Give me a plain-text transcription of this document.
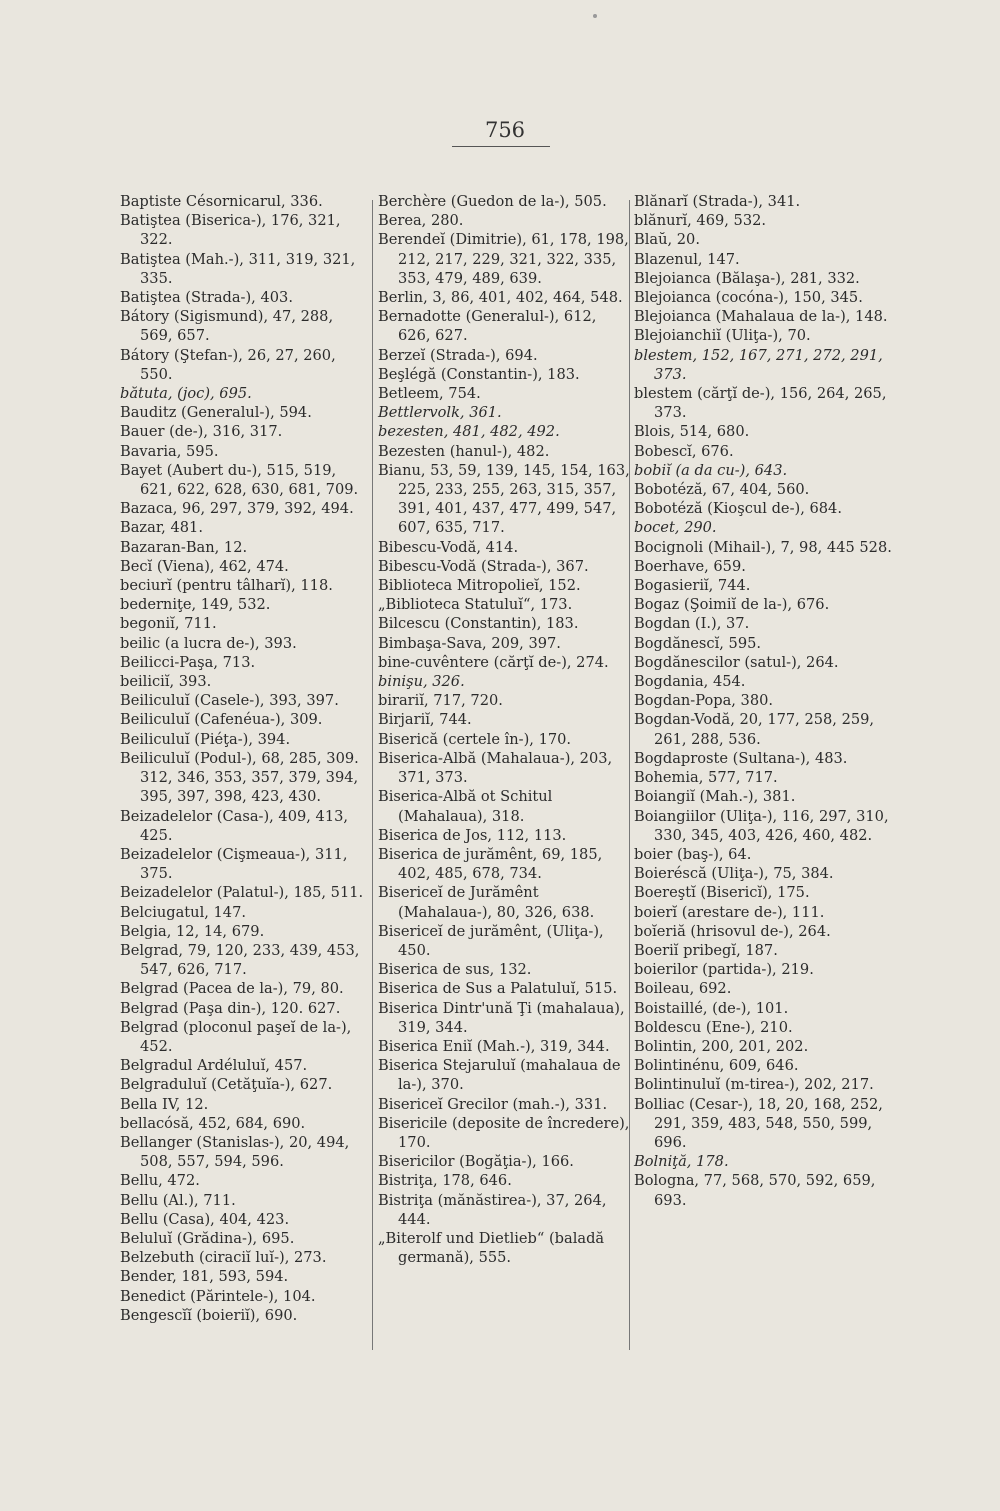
756
Baptiste Césornicarul, 336.
Batiştea (Biserica-), 176, 321, 322.
Batiştea (Mah.-), 311, 319, 321, 335.
Batiştea (Strada-), 403.
Bátory (Sigismund), 47, 288, 569, 657.
Bátory (Ştefan-), 26, 27, 260, 550.
bătuta, (joc), 695.
Bauditz (Generalul-), 594.
Bauer (de-), 316, 317.
Bavaria, 595.
Bayet (Aubert du-), 515, 519, 621, 622, 628, 630, 681, 709.
Bazaca, 96, 297, 379, 392, 494.
Bazar, 481.
Bazaran-Ban, 12.
Becĭ (Viena), 462, 474.
beciurĭ (pentru tâlharĭ), 118.
bederniţe, 149, 532.
begoniĭ, 711.
beilic (a lucra de-), 393.
Beilicci-Paşa, 713.
beiliciĭ, 393.
Beiliculuĭ (Casele-), 393, 397.
Beiliculuĭ (Cafenéua-), 309.
Beiliculuĭ (Piéţa-), 394.
Beiliculuĭ (Podul-), 68, 285, 309. 312, 346, 353, 357, 379, 394, 395, 397, 398, 423, 430.
Beizadelelor (Casa-), 409, 413, 425.
Beizadelelor (Cişmeaua-), 311, 375.
Beizadelelor (Palatul-), 185, 511.
Belciugatul, 147.
Belgia, 12, 14, 679.
Belgrad, 79, 120, 233, 439, 453, 547, 626, 717.
Belgrad (Pacea de la-), 79, 80.
Belgrad (Paşa din-), 120. 627.
Belgrad (ploconul paşeĭ de la-), 452.
Belgradul Ardéluluĭ, 457.
Belgraduluĭ (Cetăţuĭa-), 627.
Bella IV, 12.
bellacósă, 452, 684, 690.
Bellanger (Stanislas-), 20, 494, 508, 557, 594, 596.
Bellu, 472.
Bellu (Al.), 711.
Bellu (Casa), 404, 423.
Beluluĭ (Grădina-), 695.
Belzebuth (ciraciĭ luĭ-), 273.
Bender, 181, 593, 594.
Benedict (Părintele-), 104.
Bengescĭĭ (boieriĭ), 690.
Berchère (Guedon de la-), 505.
Berea, 280.
Berendeĭ (Dimitrie), 61, 178, 198, 212, 217, 229, 321, 322, 335, 353, 479, 489, 639.
Berlin, 3, 86, 401, 402, 464, 548.
Bernadotte (Generalul-), 612, 626, 627.
Berzeĭ (Strada-), 694.
Beşlégă (Constantin-), 183.
Betleem, 754.
Bettlervolk, 361.
bezesten, 481, 482, 492.
Bezesten (hanul-), 482.
Bianu, 53, 59, 139, 145, 154, 163, 225, 233, 255, 263, 315, 357, 391, 401, 437, 477, 499, 547, 607, 635, 717.
Bibescu-Vodă, 414.
Bibescu-Vodă (Strada-), 367.
Biblioteca Mitropolieĭ, 152.
„Biblioteca Statuluĭ“, 173.
Bilcescu (Constantin), 183.
Bimbaşa-Sava, 209, 397.
bine-cuvêntere (cărţĭ de-), 274.
binişu, 326.
birariĭ, 717, 720.
Birjariĭ, 744.
Biserică (certele în-), 170.
Biserica-Albă (Mahalaua-), 203, 371, 373.
Biserica-Albă ot Schitul (Mahalaua), 318.
Biserica de Jos, 112, 113.
Biserica de jurămênt, 69, 185, 402, 485, 678, 734.
Bisericeĭ de Jurămênt (Mahalaua-), 80, 326, 638.
Bisericeĭ de jurămênt, (Uliţa-), 450.
Biserica de sus, 132.
Biserica de Sus a Palatuluĭ, 515.
Biserica Dintr'ună Ţi (mahalaua), 319, 344.
Biserica Eniĭ (Mah.-), 319, 344.
Biserica Stejaruluĭ (mahalaua de la-), 370.
Bisericeĭ Grecilor (mah.-), 331.
Bisericile (deposite de încredere), 170.
Bisericilor (Bogăţia-), 166.
Bistriţa, 178, 646.
Bistriţa (mănăstirea-), 37, 264, 444.
„Biterolf und Dietlieb“ (baladă germană), 555.
Blănarĭ (Strada-), 341.
blănurĭ, 469, 532.
Blaŭ, 20.
Blazenul, 147.
Blejoianca (Bălaşa-), 281, 332.
Blejoianca (cocóna-), 150, 345.
Blejoianca (Mahalaua de la-), 148.
Blejoianchiĭ (Uliţa-), 70.
blestem, 152, 167, 271, 272, 291, 373.
blestem (cărţĭ de-), 156, 264, 265, 373.
Blois, 514, 680.
Bobescĭ, 676.
bobiĭ (a da cu-), 643.
Bobotéză, 67, 404, 560.
Bobotéză (Kioşcul de-), 684.
bocet, 290.
Bocignoli (Mihail-), 7, 98, 445 528.
Boerhave, 659.
Bogasieriĭ, 744.
Bogaz (Şoimiĭ de la-), 676.
Bogdan (I.), 37.
Bogdănescĭ, 595.
Bogdănescilor (satul-), 264.
Bogdania, 454.
Bogdan-Popa, 380.
Bogdan-Vodă, 20, 177, 258, 259, 261, 288, 536.
Bogdaproste (Sultana-), 483.
Bohemia, 577, 717.
Boiangiĭ (Mah.-), 381.
Boiangiilor (Uliţa-), 116, 297, 310, 330, 345, 403, 426, 460, 482.
boier (baş-), 64.
Boieréscă (Uliţa-), 75, 384.
Boereştĭ (Bisericĭ), 175.
boierĭ (arestare de-), 111.
boĭeriă (hrisovul de-), 264.
Boeriĭ pribegĭ, 187.
boierilor (partida-), 219.
Boileau, 692.
Boistaillé, (de-), 101.
Boldescu (Ene-), 210.
Bolintin, 200, 201, 202.
Bolintinénu, 609, 646.
Bolintinuluĭ (m-tirea-), 202, 217.
Bolliac (Cesar-), 18, 20, 168, 252, 291, 359, 483, 548, 550, 599, 696.
Bolniţă, 178.
Bologna, 77, 568, 570, 592, 659, 693.
